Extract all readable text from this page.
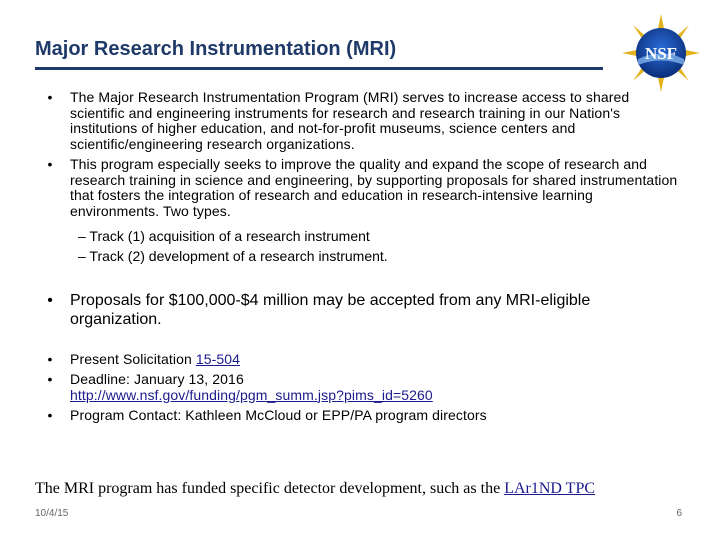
Major Research Instrumentation (MRI)	NSF
•	The Major Research Instrumentation Program (MRI) serves to increase access to shared scientific and engineering instruments for research and research training in our Nation's institutions of higher education, and not-for-profit museums, science centers and scientific/engineering research organizations.
•	This program especially seeks to improve the quality and expand the scope of research and research training in science and engineering, by supporting proposals for shared instrumentation that fosters the integration of research and education in research-intensive learning environments. Two types.
– Track (1) acquisition of a research instrument
– Track (2) development of a research instrument.
•	Proposals for $100,000-$4 million may be accepted from any MRI-eligible organization.
•	Present Solicitation 15-504
•	Deadline: January 13, 2016
http://www.nsf.gov/funding/pgm_summ.jsp?pims_id=5260
•	Program Contact: Kathleen McCloud or EPP/PA program directors
The MRI program has funded specific detector development, such as the LAr1ND TPC
10/4/15	6
